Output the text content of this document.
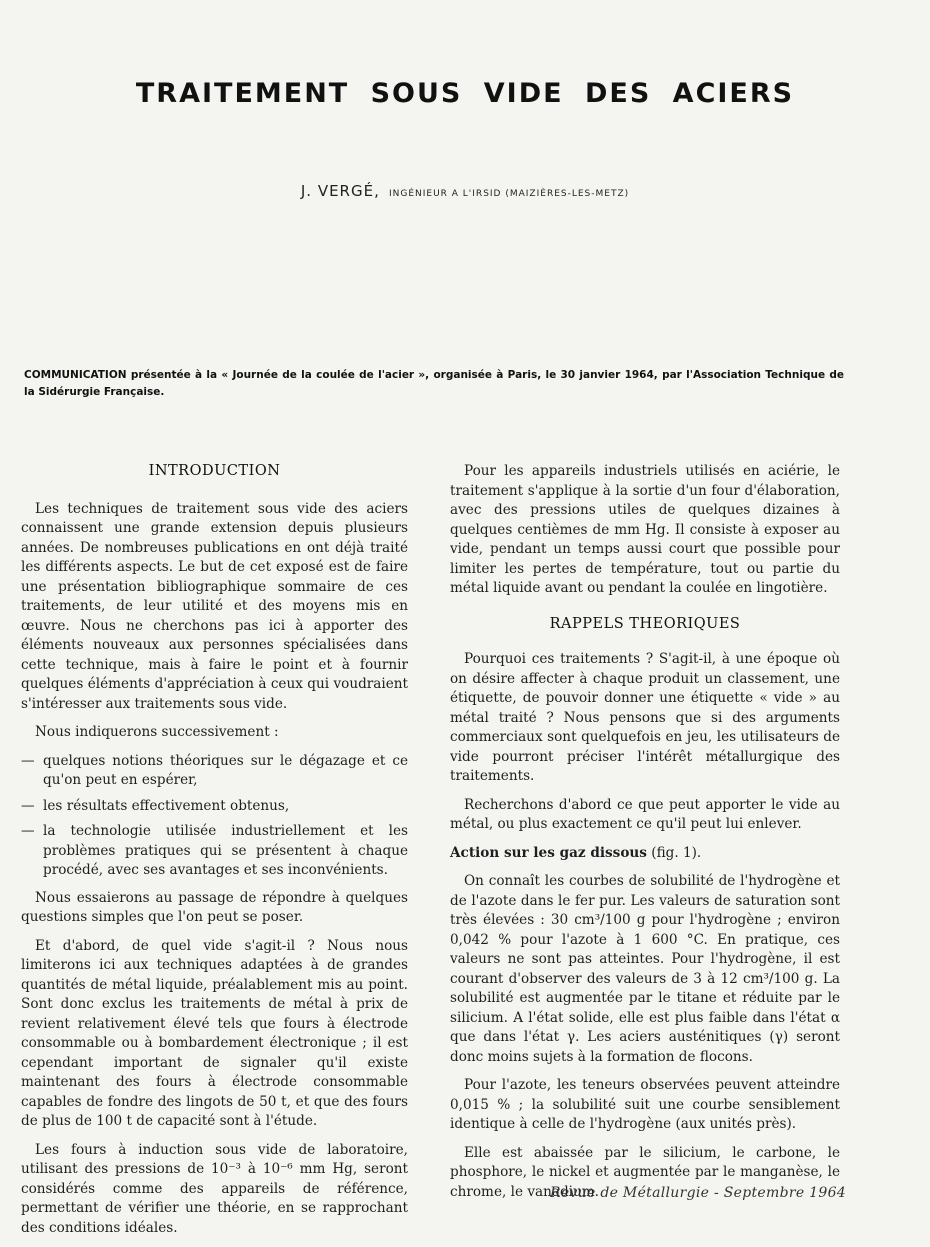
TRAITEMENT SOUS VIDE DES ACIERS
J. VERGÉ, INGÉNIEUR A L'IRSID (MAIZIÈRES-LES-METZ)

COMMUNICATION présentée à la « Journée de la coulée de l'acier », organisée à Paris, le 30 janvier 1964, par l'Association Technique de la Sidérurgie Française.

INTRODUCTION

Les techniques de traitement sous vide des aciers connaissent une grande extension depuis plusieurs années. De nombreuses publications en ont déjà traité les différents aspects. Le but de cet exposé est de faire une présentation bibliographique sommaire de ces traitements, de leur utilité et des moyens mis en œuvre. Nous ne cherchons pas ici à apporter des éléments nouveaux aux personnes spécialisées dans cette technique, mais à faire le point et à fournir quelques éléments d'appréciation à ceux qui voudraient s'intéresser aux traitements sous vide.

Nous indiquerons successivement :

— quelques notions théoriques sur le dégazage et ce qu'on peut en espérer,
— les résultats effectivement obtenus,
— la technologie utilisée industriellement et les problèmes pratiques qui se présentent à chaque procédé, avec ses avantages et ses inconvénients.

Nous essaierons au passage de répondre à quelques questions simples que l'on peut se poser.

Et d'abord, de quel vide s'agit-il ? Nous nous limiterons ici aux techniques adaptées à de grandes quantités de métal liquide, préalablement mis au point. Sont donc exclus les traitements de métal à prix de revient relativement élevé tels que fours à électrode consommable ou à bombardement électronique ; il est cependant important de signaler qu'il existe maintenant des fours à électrode consommable capables de fondre des lingots de 50 t, et que des fours de plus de 100 t de capacité sont à l'étude.

Les fours à induction sous vide de laboratoire, utilisant des pressions de 10⁻³ à 10⁻⁶ mm Hg, seront considérés comme des appareils de référence, permettant de vérifier une théorie, en se rapprochant des conditions idéales.

Pour les appareils industriels utilisés en aciérie, le traitement s'applique à la sortie d'un four d'élaboration, avec des pressions utiles de quelques dizaines à quelques centièmes de mm Hg. Il consiste à exposer au vide, pendant un temps aussi court que possible pour limiter les pertes de température, tout ou partie du métal liquide avant ou pendant la coulée en lingotière.

RAPPELS THEORIQUES

Pourquoi ces traitements ? S'agit-il, à une époque où on désire affecter à chaque produit un classement, une étiquette, de pouvoir donner une étiquette « vide » au métal traité ? Nous pensons que si des arguments commerciaux sont quelquefois en jeu, les utilisateurs de vide pourront préciser l'intérêt métallurgique des traitements.

Recherchons d'abord ce que peut apporter le vide au métal, ou plus exactement ce qu'il peut lui enlever.

Action sur les gaz dissous (fig. 1).

On connaît les courbes de solubilité de l'hydrogène et de l'azote dans le fer pur. Les valeurs de saturation sont très élevées : 30 cm³/100 g pour l'hydrogène ; environ 0,042 % pour l'azote à 1 600 °C. En pratique, ces valeurs ne sont pas atteintes. Pour l'hydrogène, il est courant d'observer des valeurs de 3 à 12 cm³/100 g. La solubilité est augmentée par le titane et réduite par le silicium. A l'état solide, elle est plus faible dans l'état α que dans l'état γ. Les aciers austénitiques (γ) seront donc moins sujets à la formation de flocons.

Pour l'azote, les teneurs observées peuvent atteindre 0,015 % ; la solubilité suit une courbe sensiblement identique à celle de l'hydrogène (aux unités près).

Elle est abaissée par le silicium, le carbone, le phosphore, le nickel et augmentée par le manganèse, le chrome, le vanadium.

Revue de Métallurgie - Septembre 1964
